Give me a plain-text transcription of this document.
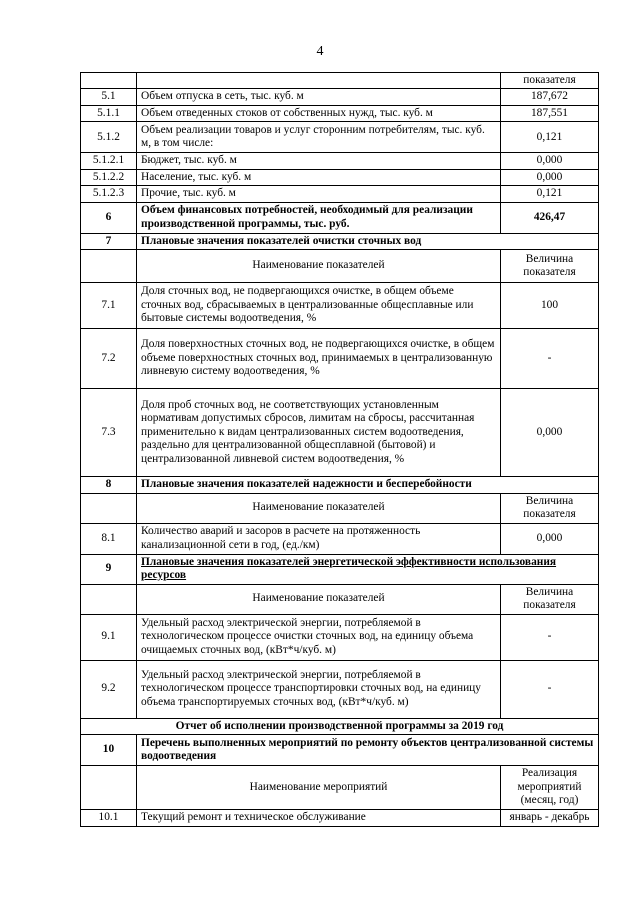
4
		показателя
5.1	Объем отпуска в сеть, тыс. куб. м	187,672
5.1.1	Объем отведенных стоков от собственных нужд, тыс. куб. м	187,551
5.1.2	Объем реализации товаров и услуг сторонним потребителям, тыс. куб. м, в том числе:	0,121
5.1.2.1	Бюджет, тыс. куб. м	0,000
5.1.2.2	Население, тыс. куб. м	0,000
5.1.2.3	Прочие, тыс. куб. м	0,121
6	Объем финансовых потребностей, необходимый для реализации производственной программы, тыс. руб.	426,47
7	Плановые значения показателей очистки сточных вод	
	Наименование показателей	Величина показателя
7.1	Доля сточных вод, не подвергающихся очистке, в общем объеме сточных вод, сбрасываемых в централизованные общесплавные или бытовые системы водоотведения, %	100
7.2	Доля поверхностных сточных вод, не подвергающихся очистке, в общем объеме поверхностных сточных вод, принимаемых в централизованную ливневую систему водоотведения, %	-
7.3	Доля проб сточных вод, не соответствующих установленным нормативам допустимых сбросов, лимитам на сбросы, рассчитанная применительно к видам централизованных систем водоотведения, раздельно для централизованной общесплавной (бытовой) и централизованной ливневой систем водоотведения, %	0,000
8	Плановые значения показателей надежности и бесперебойности	
	Наименование показателей	Величина показателя
8.1	Количество аварий и засоров в расчете на протяженность канализационной сети в год, (ед./км)	0,000
9	Плановые значения показателей энергетической эффективности использования ресурсов	
	Наименование показателей	Величина показателя
9.1	Удельный расход электрической энергии, потребляемой в технологическом процессе очистки сточных вод, на единицу объема очищаемых сточных вод, (кВт*ч/куб. м)	-
9.2	Удельный расход электрической энергии, потребляемой в технологическом процессе транспортировки сточных вод, на единицу объема транспортируемых сточных вод, (кВт*ч/куб. м)	-
Отчет об исполнении производственной программы за 2019 год		
10	Перечень выполненных мероприятий по ремонту объектов централизованной системы водоотведения	
	Наименование мероприятий	Реализация мероприятий (месяц, год)
10.1	Текущий ремонт и техническое обслуживание	январь - декабрь
